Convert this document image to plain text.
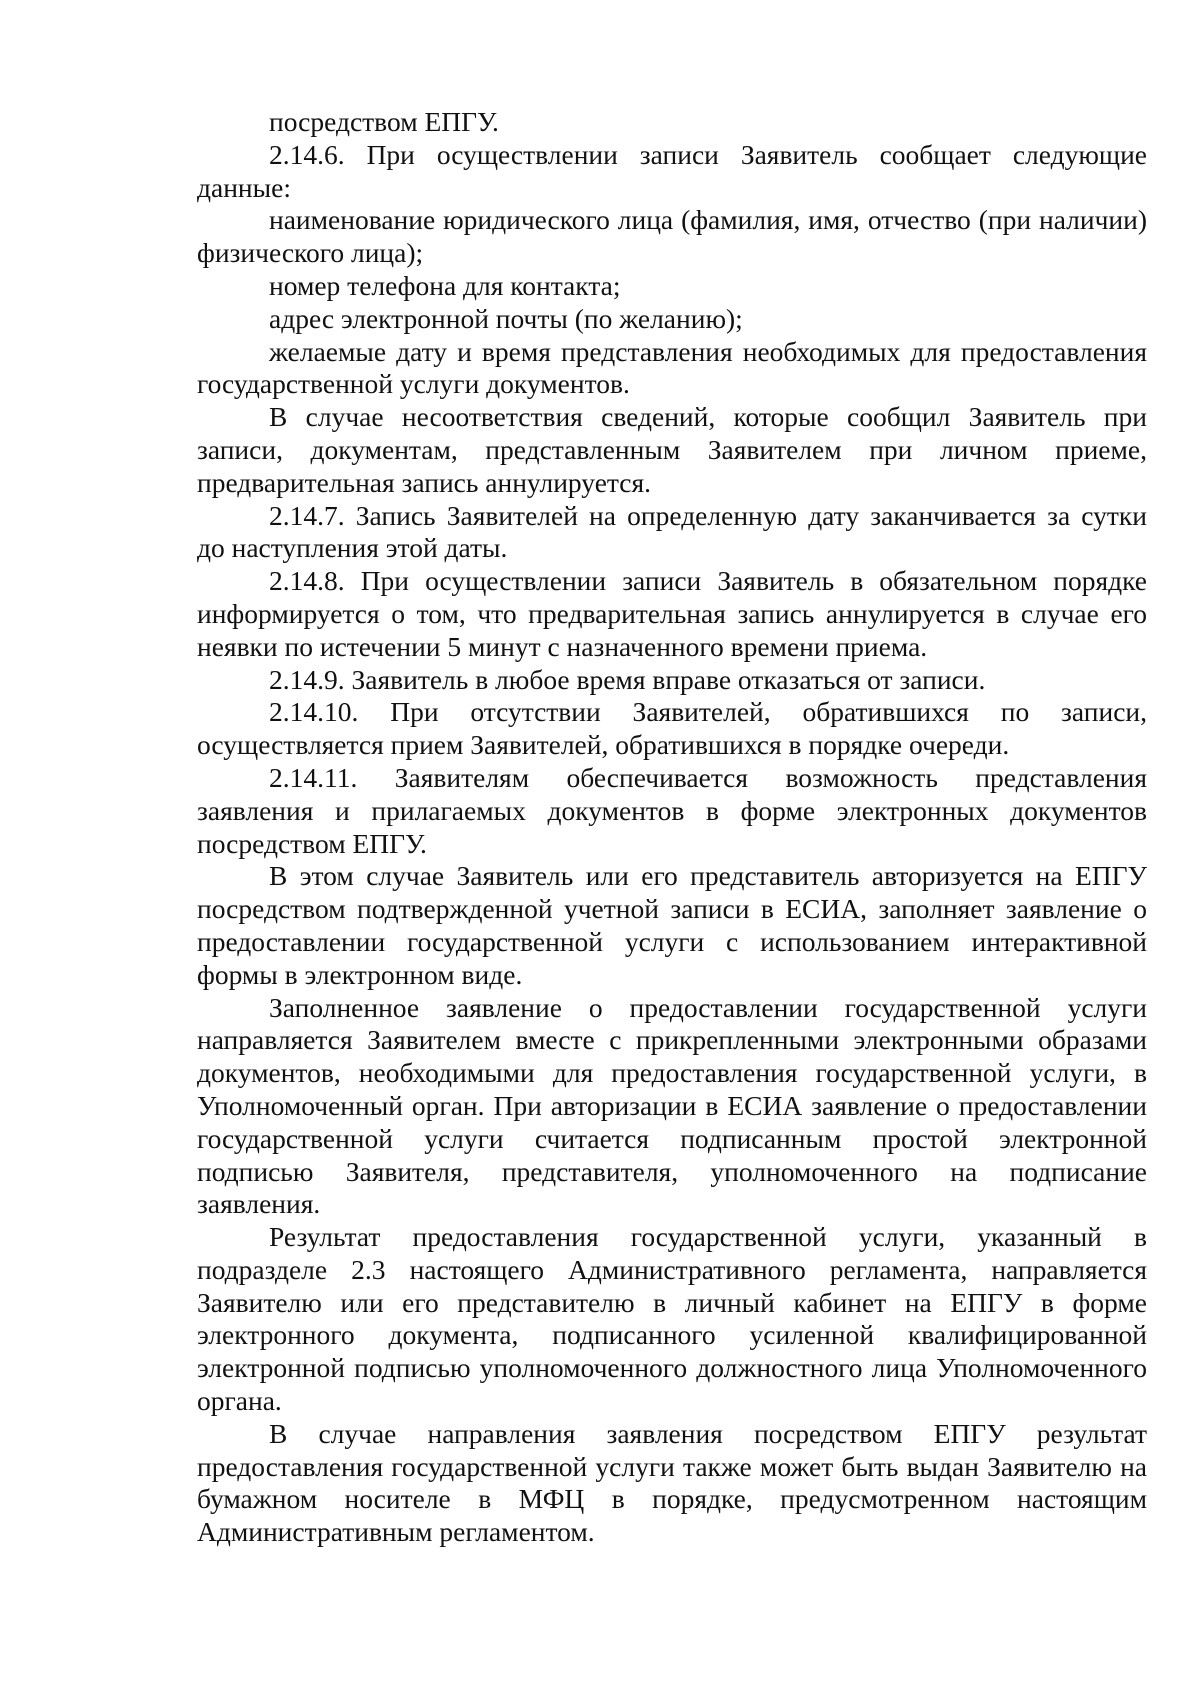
посредством ЕПГУ.

2.14.6. При осуществлении записи Заявитель сообщает следующие данные:

наименование юридического лица (фамилия, имя, отчество (при наличии) физического лица);

номер телефона для контакта;

адрес электронной почты (по желанию);

желаемые дату и время представления необходимых для предоставления государственной услуги документов.

В случае несоответствия сведений, которые сообщил Заявитель при записи, документам, представленным Заявителем при личном приеме, предварительная запись аннулируется.

2.14.7. Запись Заявителей на определенную дату заканчивается за сутки до наступления этой даты.

2.14.8. При осуществлении записи Заявитель в обязательном порядке информируется о том, что предварительная запись аннулируется в случае его неявки по истечении 5 минут с назначенного времени приема.

2.14.9. Заявитель в любое время вправе отказаться от записи.

2.14.10. При отсутствии Заявителей, обратившихся по записи, осуществляется прием Заявителей, обратившихся в порядке очереди.

2.14.11. Заявителям обеспечивается возможность представления заявления и прилагаемых документов в форме электронных документов посредством ЕПГУ.

В этом случае Заявитель или его представитель авторизуется на ЕПГУ посредством подтвержденной учетной записи в ЕСИА, заполняет заявление о предоставлении государственной услуги с использованием интерактивной формы в электронном виде.

Заполненное заявление о предоставлении государственной услуги направляется Заявителем вместе с прикрепленными электронными образами документов, необходимыми для предоставления государственной услуги, в Уполномоченный орган. При авторизации в ЕСИА заявление о предоставлении государственной услуги считается подписанным простой электронной подписью Заявителя, представителя, уполномоченного на подписание заявления.

Результат предоставления государственной услуги, указанный в подразделе 2.3 настоящего Административного регламента, направляется Заявителю или его представителю в личный кабинет на ЕПГУ в форме электронного документа, подписанного усиленной квалифицированной электронной подписью уполномоченного должностного лица Уполномоченного органа.

В случае направления заявления посредством ЕПГУ результат предоставления государственной услуги также может быть выдан Заявителю на бумажном носителе в МФЦ в порядке, предусмотренном настоящим Административным регламентом.
